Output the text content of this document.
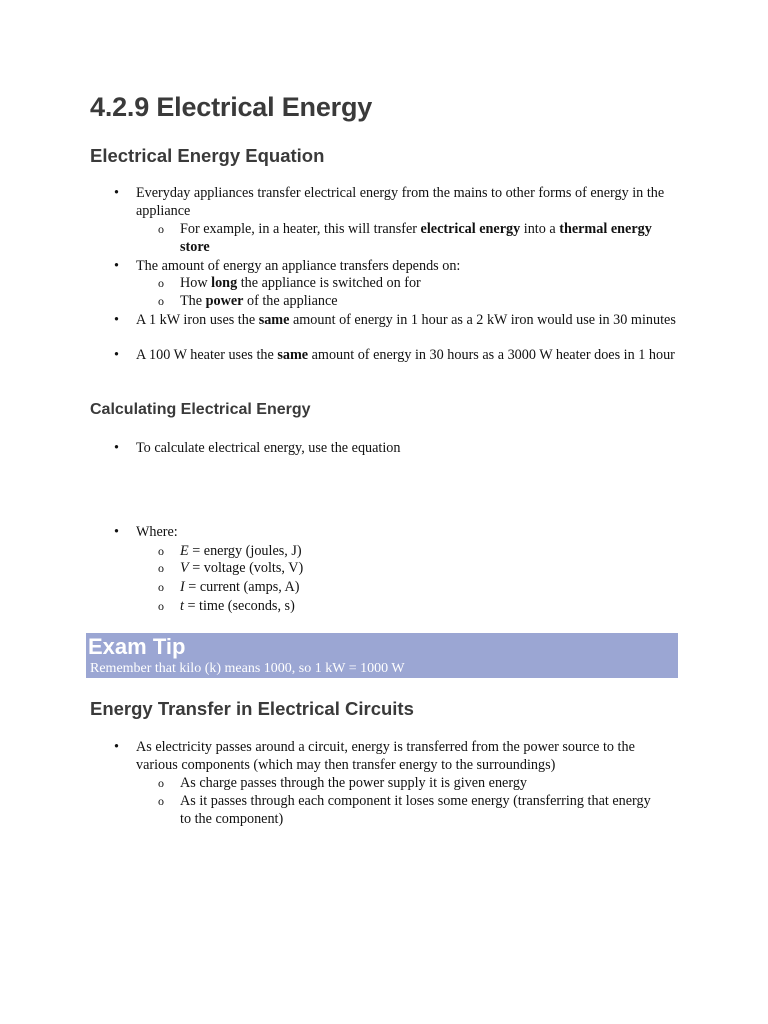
4.2.9 Electrical Energy
Electrical Energy Equation
•	Everyday appliances transfer electrical energy from the mains to other forms of energy in the appliance
o For example, in a heater, this will transfer electrical energy into a thermal energy store
•	The amount of energy an appliance transfers depends on:
o How long the appliance is switched on for
o The power of the appliance
•	A 1 kW iron uses the same amount of energy in 1 hour as a 2 kW iron would use in 30 minutes
•	A 100 W heater uses the same amount of energy in 30 hours as a 3000 W heater does in 1 hour
Calculating Electrical Energy
•	To calculate electrical energy, use the equation
•	Where:
o E = energy (joules, J)
o V = voltage (volts, V)
o I = current (amps, A)
o t = time (seconds, s)
Exam Tip
Remember that kilo (k) means 1000, so 1 kW = 1000 W
Energy Transfer in Electrical Circuits
•	As electricity passes around a circuit, energy is transferred from the power source to the various components (which may then transfer energy to the surroundings)
o As charge passes through the power supply it is given energy
o As it passes through each component it loses some energy (transferring that energy to the component)
